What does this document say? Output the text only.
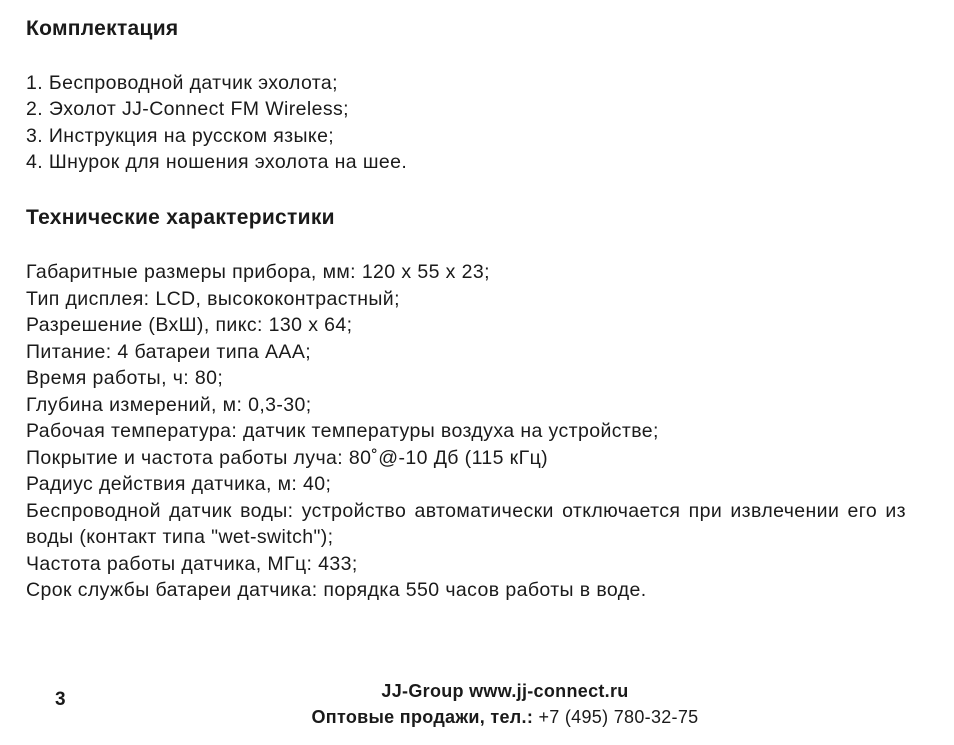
Комплектация
1. Беспроводной датчик эхолота;
2. Эхолот JJ-Connect FM Wireless;
3. Инструкция на русском языке;
4. Шнурок для ношения эхолота на шее.
Технические характеристики
Габаритные размеры прибора, мм: 120 х 55 х 23;
Тип дисплея: LCD, высококонтрастный;
Разрешение (ВхШ), пикс: 130 х 64;
Питание: 4 батареи типа ААА;
Время работы, ч: 80;
Глубина измерений, м: 0,3-30;
Рабочая температура: датчик температуры воздуха на устройстве;
Покрытие и частота работы луча: 80˚@-10 Дб (115 кГц)
Радиус действия датчика, м: 40;
Беспроводной датчик воды: устройство автоматически отключается при извлечении его из воды (контакт типа "wet-switch");
Частота работы датчика, МГц: 433;
Срок службы батареи датчика: порядка 550 часов работы в воде.
3	JJ-Group www.jj-connect.ru
Оптовые продажи, тел.: +7 (495) 780-32-75
